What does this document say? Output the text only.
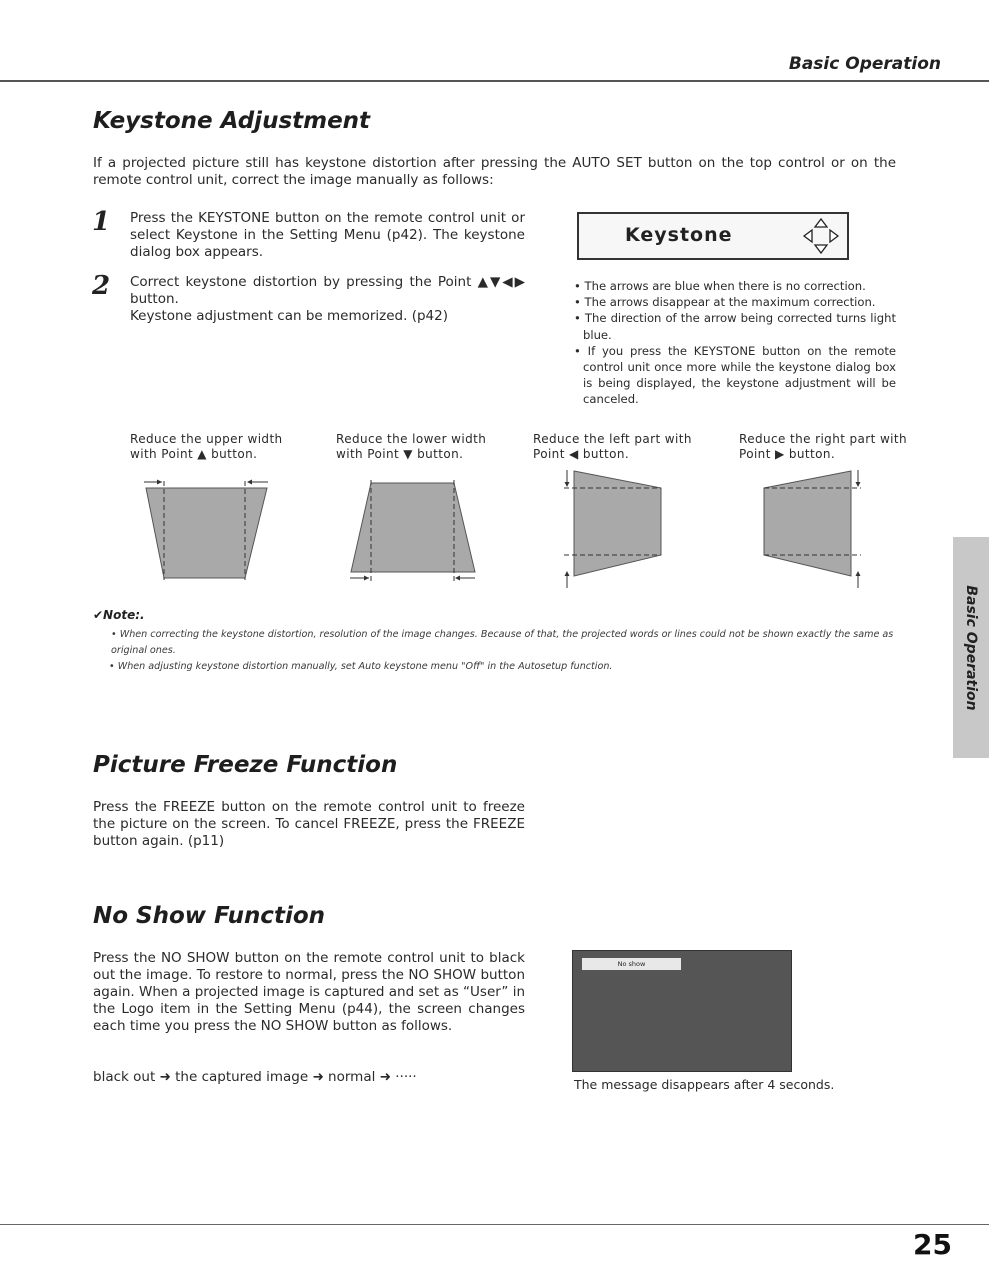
Basic Operation
Keystone Adjustment
If a projected picture still has keystone distortion after pressing the AUTO SET button on the top control or on the remote control unit, correct the image manually as follows:
1 Press the KEYSTONE button on the remote control unit or select Keystone in the Setting Menu (p42). The keystone dialog box appears.
2 Correct keystone distortion by pressing the Point ▲▼◀▶ button.
Keystone adjustment can be memorized. (p42)
Keystone
• The arrows are blue when there is no correction.
• The arrows disappear at the maximum correction.
• The direction of the arrow being corrected turns light blue.
• If you press the KEYSTONE button on the remote control unit once more while the keystone dialog box is being displayed, the keystone adjustment will be canceled.
Reduce the upper width
with Point ▲ button.
Reduce the lower width
with Point ▼ button.
Reduce the left part with
Point ◀ button.
Reduce the right part with
Point ▶ button.
✔Note:.
• When correcting the keystone distortion, resolution of the image changes. Because of that, the projected words or lines could not be shown exactly the same as original ones.
• When adjusting keystone distortion manually, set Auto keystone menu "Off" in the Autosetup function.	Basic Operation
Picture Freeze Function
Press the FREEZE button on the remote control unit to freeze the picture on the screen. To cancel FREEZE, press the FREEZE button again. (p11)
No Show Function
Press the NO SHOW button on the remote control unit to black out the image. To restore to normal, press the NO SHOW button again. When a projected image is captured and set as “User” in the Logo item in the Setting Menu (p44), the screen changes each time you press the NO SHOW button as follows.
black out ➜ the captured image ➜ normal ➜ ·····
No show
The message disappears after 4 seconds.
25
